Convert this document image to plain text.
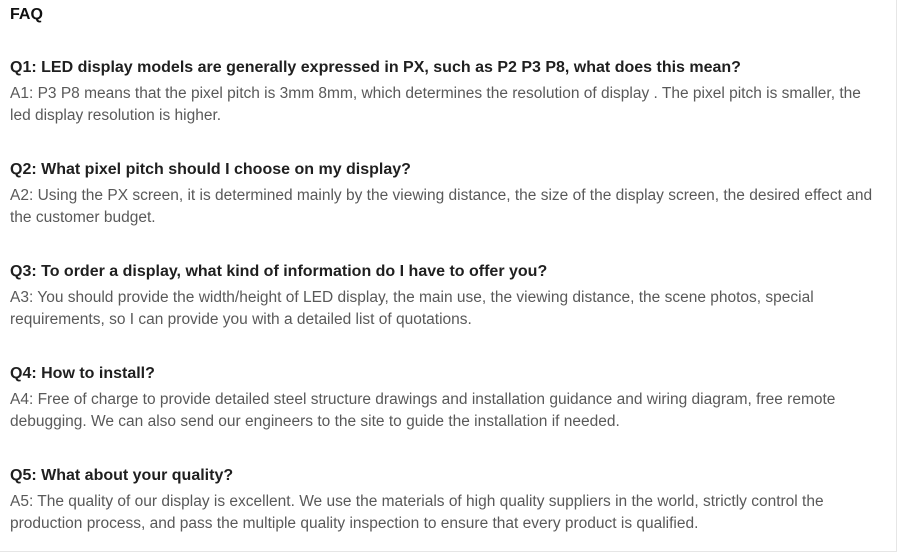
FAQ
Q1: LED display models are generally expressed in PX, such as P2 P3 P8, what does this mean?

A1: P3 P8 means that the pixel pitch is 3mm 8mm, which determines the resolution of display . The pixel pitch is smaller, the led display resolution is higher.

Q2: What pixel pitch should I choose on my display?

A2: Using the PX screen, it is determined mainly by the viewing distance, the size of the display screen, the desired effect and the customer budget.

Q3: To order a display, what kind of information do I have to offer you?

A3: You should provide the width/height of LED display, the main use, the viewing distance, the scene photos, special requirements, so I can provide you with a detailed list of quotations.

Q4: How to install?

A4: Free of charge to provide detailed steel structure drawings and installation guidance and wiring diagram, free remote debugging. We can also send our engineers to the site to guide the installation if needed.

Q5: What about your quality?

A5: The quality of our display is excellent. We use the materials of high quality suppliers in the world, strictly control the production process, and pass the multiple quality inspection to ensure that every product is qualified.
